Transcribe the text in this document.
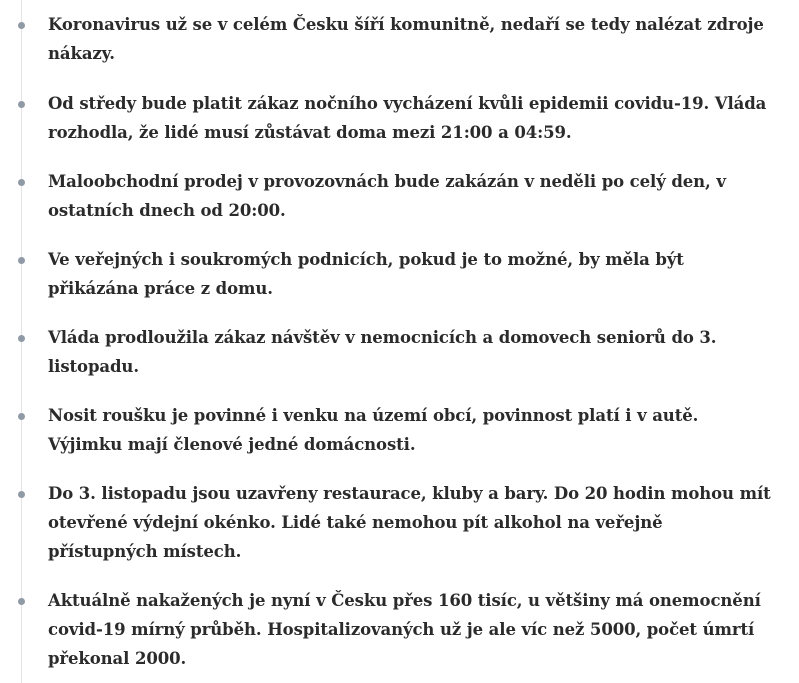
Koronavirus už se v celém Česku šíří komunitně, nedaří se tedy nalézat zdroje nákazy.
Od středy bude platit zákaz nočního vycházení kvůli epidemii covidu-19. Vláda rozhodla, že lidé musí zůstávat doma mezi 21:00 a 04:59.
Maloobchodní prodej v provozovnách bude zakázán v neděli po celý den, v ostatních dnech od 20:00.
Ve veřejných i soukromých podnicích, pokud je to možné, by měla být přikázána práce z domu.
Vláda prodloužila zákaz návštěv v nemocnicích a domovech seniorů do 3. listopadu.
Nosit roušku je povinné i venku na území obcí, povinnost platí i v autě. Výjimku mají členové jedné domácnosti.
Do 3. listopadu jsou uzavřeny restaurace, kluby a bary. Do 20 hodin mohou mít otevřené výdejní okénko. Lidé také nemohou pít alkohol na veřejně přístupných místech.
Aktuálně nakažených je nyní v Česku přes 160 tisíc, u většiny má onemocnění covid-19 mírný průběh. Hospitalizovaných už je ale víc než 5000, počet úmrtí překonal 2000.
